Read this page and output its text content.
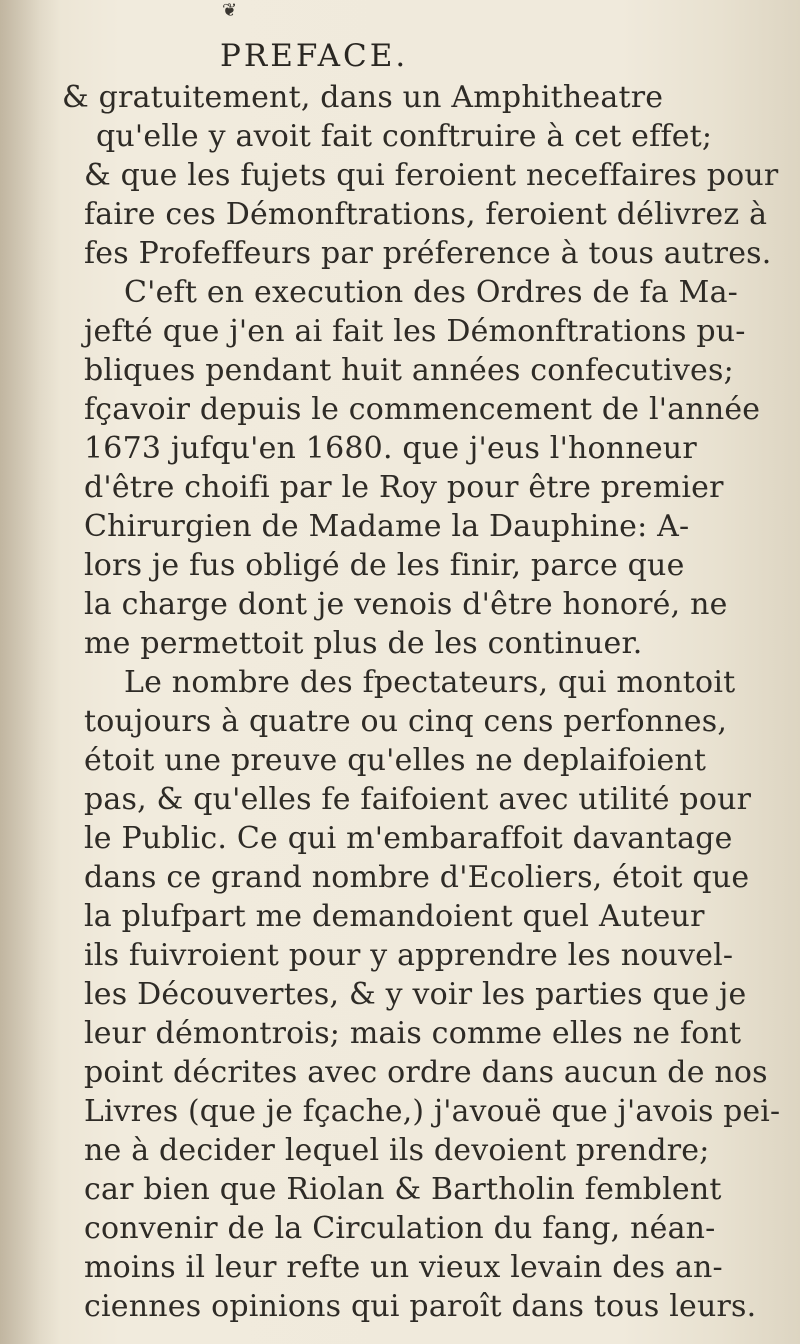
❦
PREFACE.
& gratuitement, dans un Amphitheatre
qu'elle y avoit fait conftruire à cet effet;
& que les fujets qui feroient neceffaires pour
faire ces Démonftrations, feroient délivrez à
fes Profeffeurs par préference à tous autres.
C'eft en execution des Ordres de fa Ma-
jefté que j'en ai fait les Démonftrations pu-
bliques pendant huit années confecutives;
fçavoir depuis le commencement de l'année
1673 jufqu'en 1680. que j'eus l'honneur
d'être choifi par le Roy pour être premier
Chirurgien de Madame la Dauphine: A-
lors je fus obligé de les finir, parce que
la charge dont je venois d'être honoré, ne
me permettoit plus de les continuer.
Le nombre des fpectateurs, qui montoit
toujours à quatre ou cinq cens perfonnes,
étoit une preuve qu'elles ne deplaifoient
pas, & qu'elles fe faifoient avec utilité pour
le Public. Ce qui m'embaraffoit davantage
dans ce grand nombre d'Ecoliers, étoit que
la plufpart me demandoient quel Auteur
ils fuivroient pour y apprendre les nouvel-
les Découvertes, & y voir les parties que je
leur démontrois; mais comme elles ne font
point décrites avec ordre dans aucun de nos
Livres (que je fçache,) j'avouë que j'avois pei-
ne à decider lequel ils devoient prendre;
car bien que Riolan & Bartholin femblent
convenir de la Circulation du fang, néan-
moins il leur refte un vieux levain des an-
ciennes opinions qui paroît dans tous leurs.
